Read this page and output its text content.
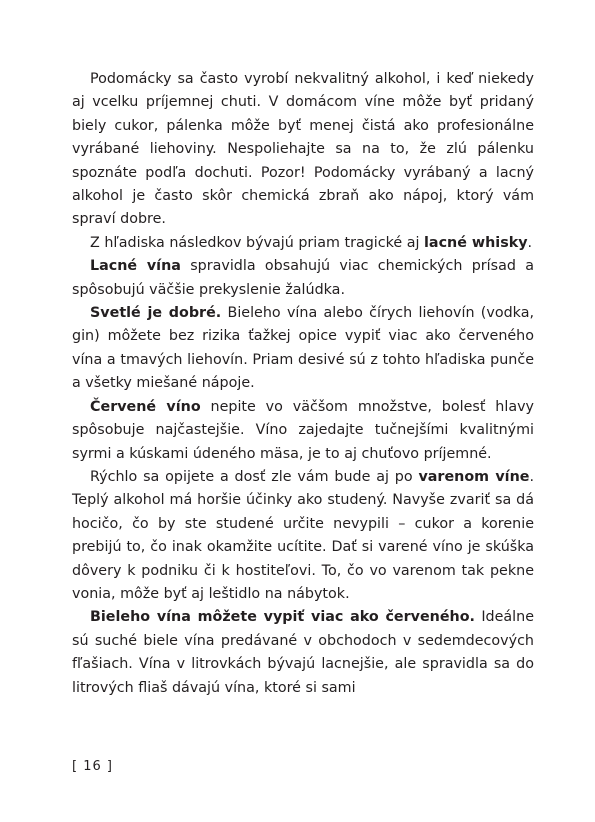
Podomácky sa často vyrobí nekvalitný alkohol, i keď niekedy aj vcelku príjemnej chuti. V domácom víne môže byť pridaný biely cukor, pálenka môže byť menej čistá ako profesionálne vyrábané liehoviny. Nespoliehajte sa na to, že zlú pálenku spoznáte podľa dochuti. Pozor! Podomácky vyrábaný a lacný alkohol je často skôr chemická zbraň ako nápoj, ktorý vám spraví dobre.

Z hľadiska následkov bývajú priam tragické aj lacné whisky.

Lacné vína spravidla obsahujú viac chemických prísad a spôsobujú väčšie prekyslenie žalúdka.

Svetlé je dobré. Bieleho vína alebo čírych liehovín (vodka, gin) môžete bez rizika ťažkej opice vypiť viac ako červeného vína a tmavých liehovín. Priam desivé sú z tohto hľadiska punče a všetky miešané nápoje.

Červené víno nepite vo väčšom množstve, bolesť hlavy spôsobuje najčastejšie. Víno zajedajte tučnejšími kvalitnými syrmi a kúskami údeného mäsa, je to aj chuťovo príjemné.

Rýchlo sa opijete a dosť zle vám bude aj po varenom víne. Teplý alkohol má horšie účinky ako studený. Navyše zvariť sa dá hocičo, čo by ste studené určite nevypili – cukor a korenie prebijú to, čo inak okamžite ucítite. Dať si varené víno je skúška dôvery k podniku či k hostiteľovi. To, čo vo varenom tak pekne vonia, môže byť aj leštidlo na nábytok.

Bieleho vína môžete vypiť viac ako červeného. Ideálne sú suché biele vína predávané v obchodoch v sedemdecových fľašiach. Vína v litrovkách bývajú lacnejšie, ale spravidla sa do litrových fliaš dávajú vína, ktoré si sami

[ 16 ]
